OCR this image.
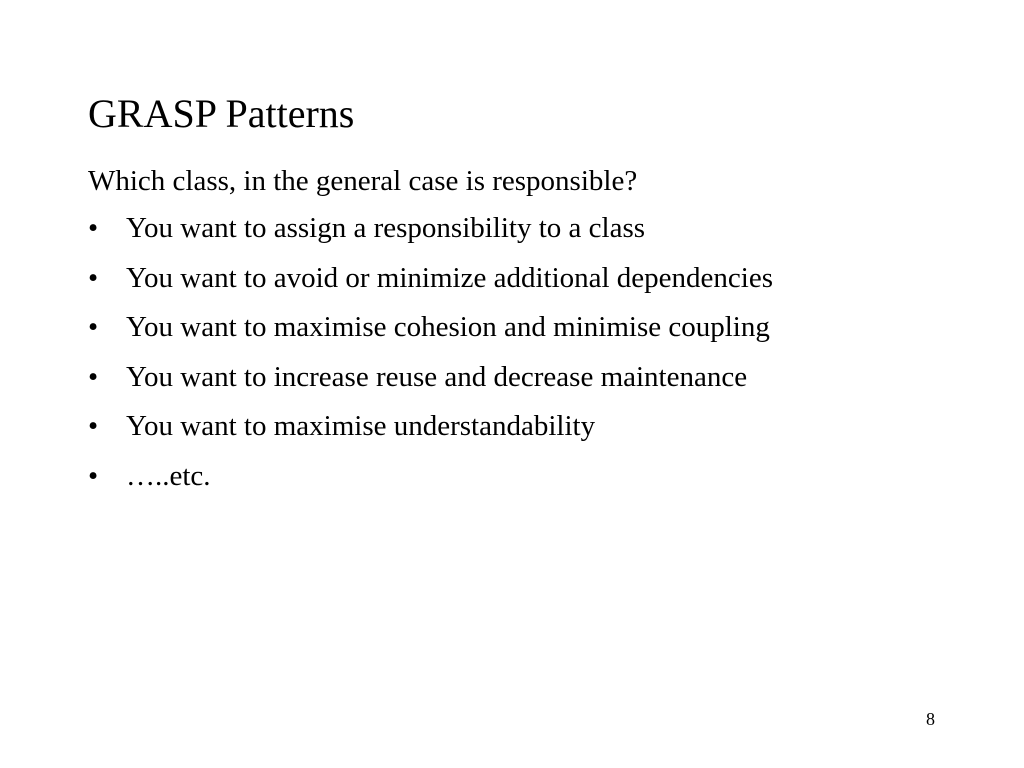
GRASP Patterns
Which class, in the general case is responsible?
• You want to assign a responsibility to a class
• You want to avoid or minimize additional dependencies
• You want to maximise cohesion and minimise coupling
• You want to increase reuse and decrease maintenance
• You want to maximise understandability
• …..etc.
8
